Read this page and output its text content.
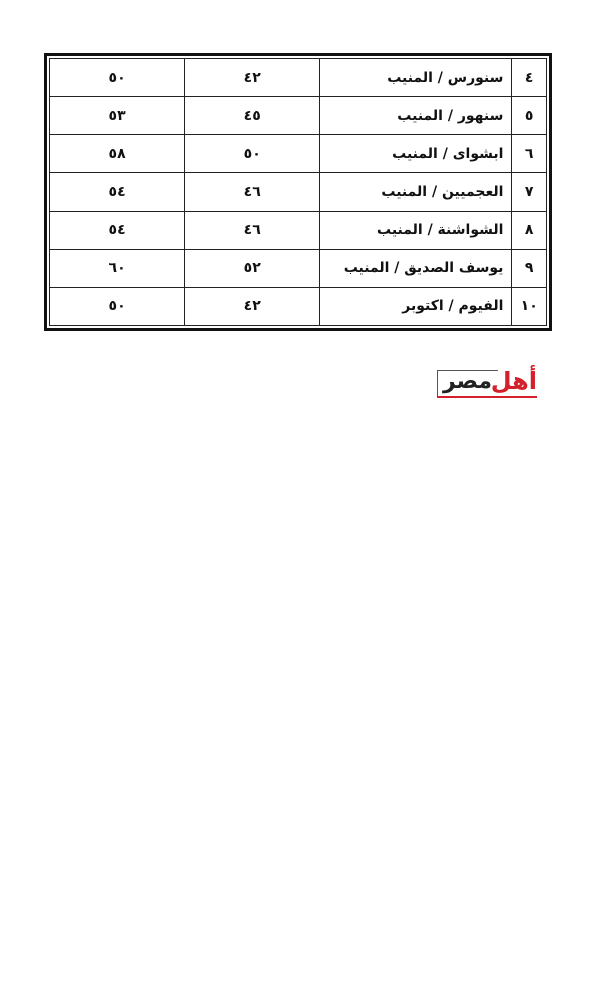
٤	سنورس / المنيب	٤٢	٥٠
٥	سنهور / المنيب	٤٥	٥٣
٦	ابشواى / المنيب	٥٠	٥٨
٧	العجميين / المنيب	٤٦	٥٤
٨	الشواشنة / المنيب	٤٦	٥٤
٩	يوسف الصديق / المنيب	٥٢	٦٠
١٠	الفيوم / اكتوبر	٤٢	٥٠
أهل
مصر
